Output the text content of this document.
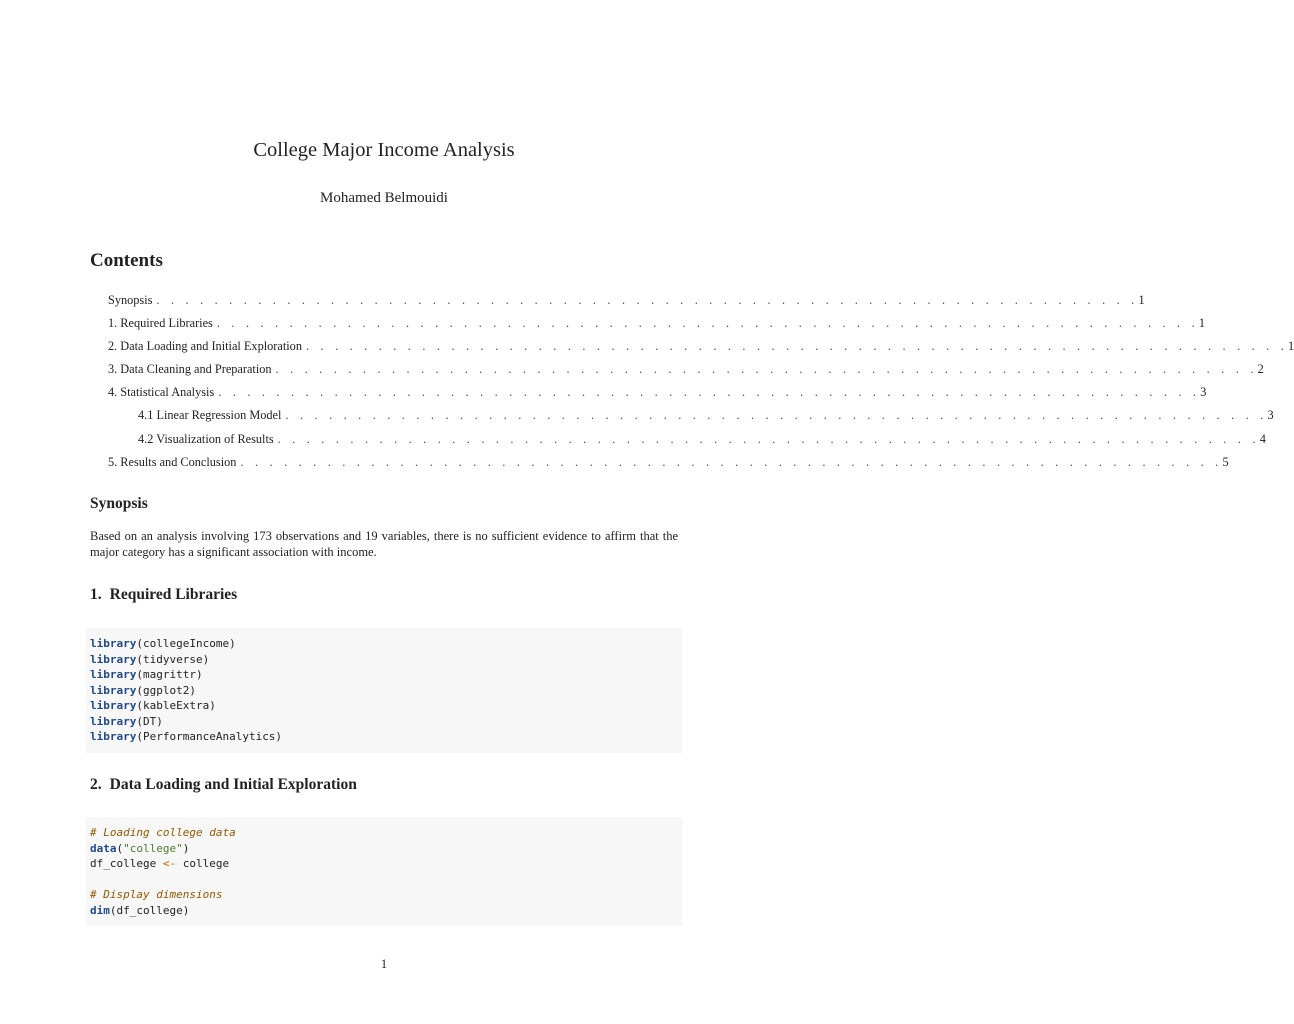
College Major Income Analysis
Mohamed Belmouidi
Contents
Synopsis . . . . . . . . . . . . . . . . . . . . . . . . . . . . . . . . . . . . . . . . . . . . . . . . . . . . . . . . . . . . . . . . . . . . 1
1. Required Libraries . . . . . . . . . . . . . . . . . . . . . . . . . . . . . . . . . . . . . . . . . . . . . . . . . . . . . . . . . . . . . . . . . . . . 1
2. Data Loading and Initial Exploration . . . . . . . . . . . . . . . . . . . . . . . . . . . . . . . . . . . . . . . . . . . . . . . . . . . . . . . . . . . . . . . . . . . . 1
3. Data Cleaning and Preparation . . . . . . . . . . . . . . . . . . . . . . . . . . . . . . . . . . . . . . . . . . . . . . . . . . . . . . . . . . . . . . . . . . . . 2
4. Statistical Analysis . . . . . . . . . . . . . . . . . . . . . . . . . . . . . . . . . . . . . . . . . . . . . . . . . . . . . . . . . . . . . . . . . . . . 3
4.1 Linear Regression Model . . . . . . . . . . . . . . . . . . . . . . . . . . . . . . . . . . . . . . . . . . . . . . . . . . . . . . . . . . . . . . . . . . . . 3
4.2 Visualization of Results . . . . . . . . . . . . . . . . . . . . . . . . . . . . . . . . . . . . . . . . . . . . . . . . . . . . . . . . . . . . . . . . . . . . 4
5. Results and Conclusion . . . . . . . . . . . . . . . . . . . . . . . . . . . . . . . . . . . . . . . . . . . . . . . . . . . . . . . . . . . . . . . . . . . . 5
Synopsis
Based on an analysis involving 173 observations and 19 variables, there is no sufficient evidence to affirm that the major category has a significant association with income.
1. Required Libraries
library(collegeIncome)
library(tidyverse)
library(magrittr)
library(ggplot2)
library(kableExtra)
library(DT)
library(PerformanceAnalytics)
2. Data Loading and Initial Exploration
# Loading college data
data("college")
df_college <- college
# Display dimensions
dim(df_college)
1
